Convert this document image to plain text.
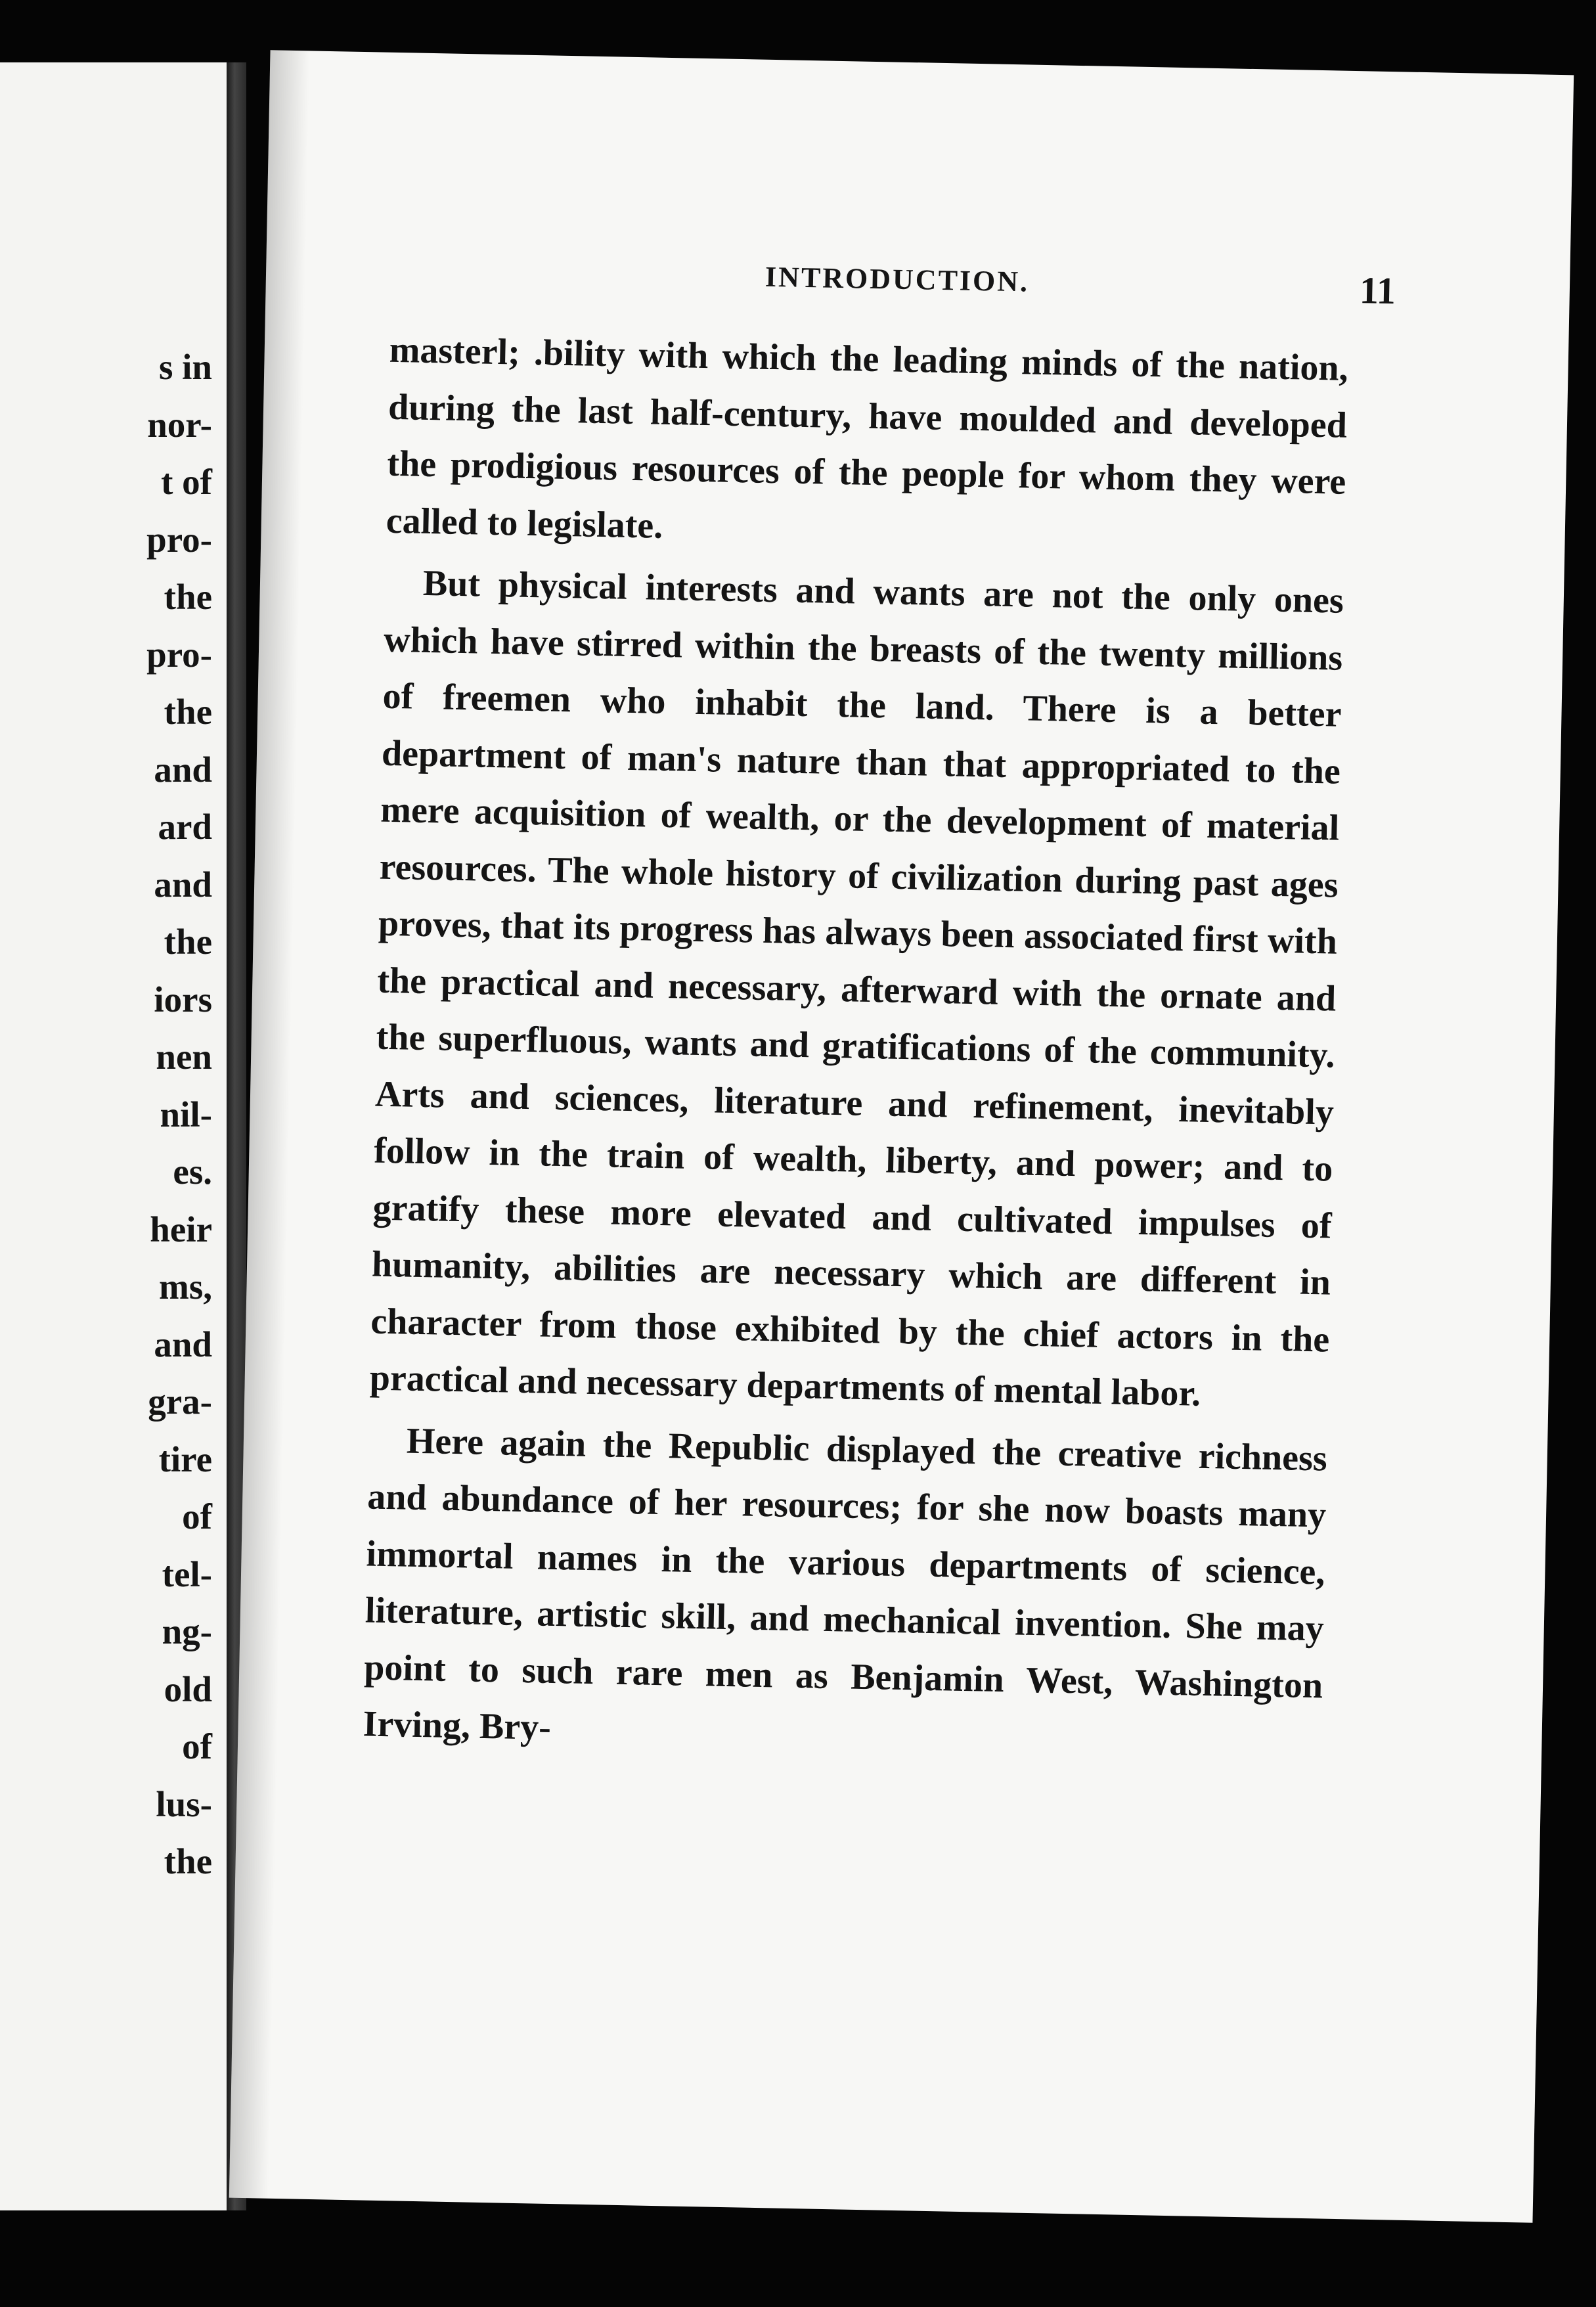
s in
nor-
t of
pro-
the
pro-
the
and
ard
and
the
iors
nen
nil-
es.
heir
ms,
and
gra-
tire
of
tel-
ng-
old
of
lus-
the
INTRODUCTION.	11

masterl; .bility with which the leading minds of the nation, during the last half-century, have moulded and developed the prodigious resources of the people for whom they were called to legislate.

But physical interests and wants are not the only ones which have stirred within the breasts of the twenty millions of freemen who inhabit the land. There is a better department of man's nature than that appropriated to the mere acquisition of wealth, or the development of material resources. The whole history of civilization during past ages proves, that its progress has always been associated first with the practical and necessary, afterward with the ornate and the superfluous, wants and gratifications of the community. Arts and sciences, literature and refinement, inevitably follow in the train of wealth, liberty, and power; and to gratify these more elevated and cultivated impulses of humanity, abilities are necessary which are different in character from those exhibited by the chief actors in the practical and necessary departments of mental labor.

Here again the Republic displayed the creative richness and abundance of her resources; for she now boasts many immortal names in the various departments of science, literature, artistic skill, and mechanical invention. She may point to such rare men as Benjamin West, Washington Irving, Bry-
